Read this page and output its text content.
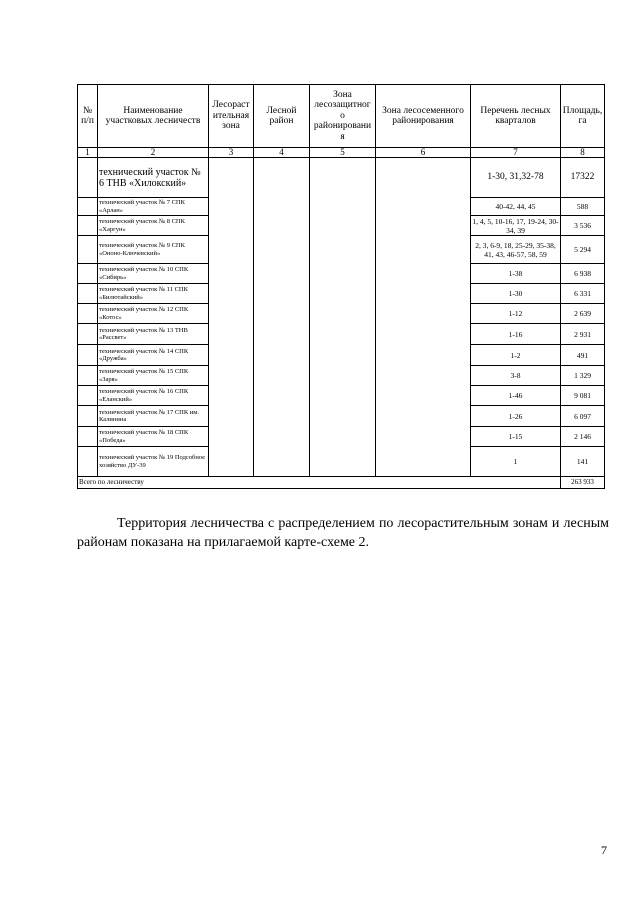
№ п/п	Наименование участковых лесничеств	Лесораст ительная зона	Лесной район	Зона лесозащитног о районировани я	Зона лесосеменного районирования	Перечень лесных кварталов	Площадь, га
1	2	3	4	5	6	7	8
	технический участок № 6 ТНВ «Хилокский»					1-30, 31,32-78	17322
	технический участок № 7 СПК «Арлан»					40-42, 44, 45	588
	технический участок № 8 СПК «Харгун»					1, 4, 5, 10-16, 17, 19-24, 30-34, 39	3 536
	технический участок № 9 СПК «Ононо-Ключевский»					2, 3, 6-9, 18, 25-29, 35-38, 41, 43, 46-57, 58, 59	5 294
	технический участок № 10 СПК «Сибирь»					1-38	6 938
	технический участок № 11 СПК «Билютайский»					1-30	6 331
	технический участок № 12 СПК «Котос»					1-12	2 639
	технический участок № 13 ТНВ «Рассвет»					1-16	2 931
	технический участок № 14 СПК «Дружба»					1-2	491
	технический участок № 15 СПК «Заря»					3-8	1 329
	технический участок № 16 СПК «Еланский»					1-46	9 081
	технический участок № 17 СПК им. Калинина					1-26	6 097
	технический участок № 18 СПК «Победа»					1-15	2 146
	технический участок № 19 Подсобное хозяйство ДУ-39					1	141
Всего по лесничеству							263 933

Территория лесничества с распределением по лесорастительным зонам и лесным районам показана на прилагаемой карте-схеме 2.

7
